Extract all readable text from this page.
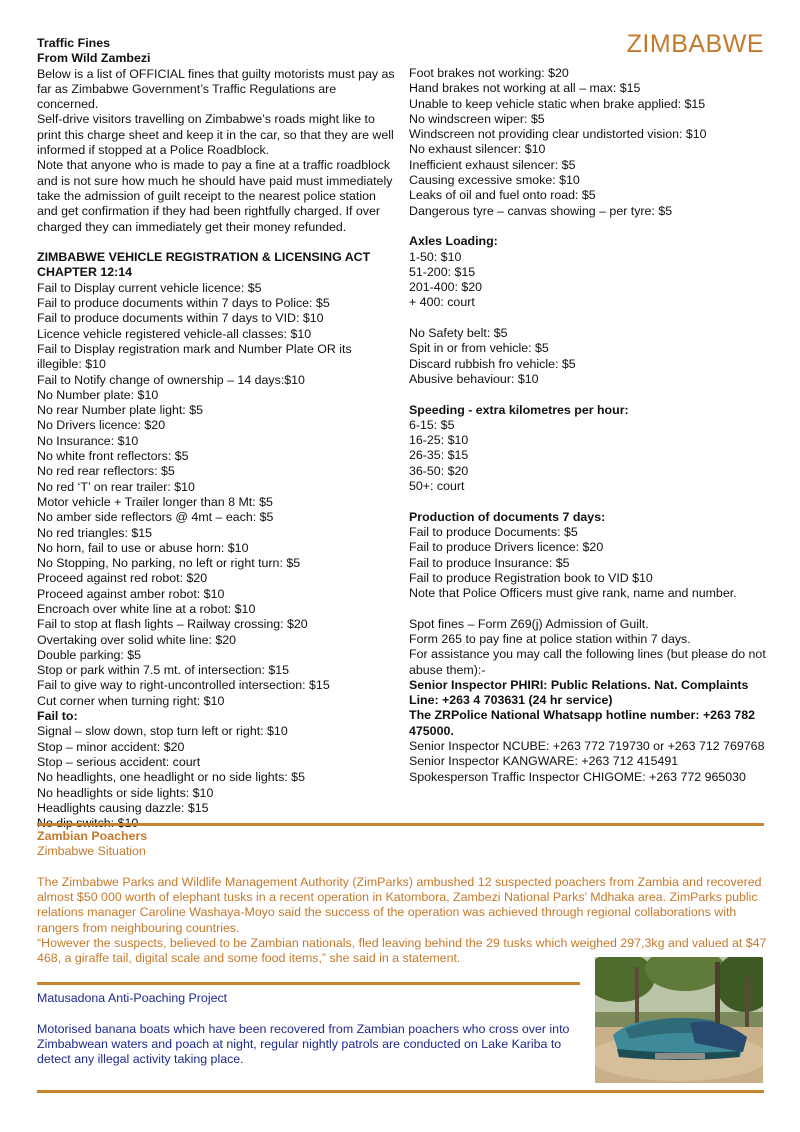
ZIMBABWE
Traffic Fines
From Wild Zambezi
Below is a list of OFFICIAL fines that guilty motorists must pay as far as Zimbabwe Government’s Traffic Regulations are concerned.
Self-drive visitors travelling on Zimbabwe’s roads might like to print this charge sheet and keep it in the car, so that they are well informed if stopped at a Police Roadblock.
Note that anyone who is made to pay a fine at a traffic roadblock and is not sure how much he should have paid must immediately take the admission of guilt receipt to the nearest police station and get confirmation if they had been rightfully charged. If over charged they can immediately get their money refunded.
ZIMBABWE VEHICLE REGISTRATION & LICENSING ACT CHAPTER 12:14
Fail to Display current vehicle licence: $5
Fail to produce documents within 7 days to Police: $5
Fail to produce documents within 7 days to VID: $10
Licence vehicle registered vehicle-all classes: $10
Fail to Display registration mark and Number Plate OR its illegible: $10
Fail to Notify change of ownership – 14 days:$10
No Number plate: $10
No rear Number plate light: $5
No Drivers licence: $20
No Insurance: $10
No white front reflectors: $5
No red rear reflectors: $5
No red ‘T’ on rear trailer: $10
Motor vehicle + Trailer longer than 8 Mt: $5
No amber side reflectors @ 4mt – each: $5
No red triangles: $15
No horn, fail to use or abuse horn: $10
No Stopping, No parking, no left or right turn: $5
Proceed against red robot: $20
Proceed against amber robot: $10
Encroach over white line at a robot: $10
Fail to stop at flash lights – Railway crossing: $20
Overtaking over solid white line: $20
Double parking: $5
Stop or park within 7.5 mt. of intersection: $15
Fail to give way to right-uncontrolled intersection: $15
Cut corner when turning right: $10
Fail to:
Signal – slow down, stop turn left or right: $10
Stop – minor accident: $20
Stop – serious accident: court
No headlights, one headlight or no side lights: $5
No headlights or side lights: $10
Headlights causing dazzle: $15
Foot brakes not working: $20
Hand brakes not working at all – max: $15
Unable to keep vehicle static when brake applied: $15
No windscreen wiper: $5
Windscreen not providing clear undistorted vision: $10
No exhaust silencer: $10
Inefficient exhaust silencer: $5
Causing excessive smoke: $10
Leaks of oil and fuel onto road: $5
Dangerous tyre – canvas showing – per tyre: $5
Axles Loading:
1-50: $10
51-200: $15
201-400: $20
+ 400: court
No Safety belt: $5
Spit in or from vehicle: $5
Discard rubbish fro vehicle: $5
Abusive behaviour: $10
Speeding - extra kilometres per hour:
6-15: $5
16-25: $10
26-35: $15
36-50: $20
50+: court
Production of documents 7 days:
Fail to produce Documents: $5
Fail to produce Drivers licence: $20
Fail to produce Insurance: $5
Fail to produce Registration book to VID $10
Note that Police Officers must give rank, name and number.
Spot fines – Form Z69(j) Admission of Guilt.
Form 265 to pay fine at police station within 7 days.
For assistance you may call the following lines (but please do not abuse them):-
Senior Inspector PHIRI: Public Relations. Nat. Complaints Line: +263 4 703631 (24 hr service)
The ZRPolice National Whatsapp hotline number: +263 782 475000.
Senior Inspector NCUBE: +263 772 719730 or +263 712 769768
Senior Inspector KANGWARE: +263 712 415491
Spokesperson Traffic Inspector CHIGOME: +263 772 965030
Zambian Poachers
Zimbabwe Situation
The Zimbabwe Parks and Wildlife Management Authority (ZimParks) ambushed 12 suspected poachers from Zambia and recovered almost $50 000 worth of elephant tusks in a recent operation in Katombora, Zambezi National Parks’ Mdhaka area. ZimParks public relations manager Caroline Washaya-Moyo said the success of the operation was achieved through regional collaborations with rangers from neighbouring countries.
“However the suspects, believed to be Zambian nationals, fled leaving behind the 29 tusks which weighed 297,3kg and valued at $47 468, a giraffe tail, digital scale and some food items,” she said in a statement.
Matusadona Anti-Poaching Project
Motorised banana boats which have been recovered from Zambian poachers who cross over into Zimbabwean waters and poach at night, regular nightly patrols are conducted on Lake Kariba to detect any illegal activity taking place.
